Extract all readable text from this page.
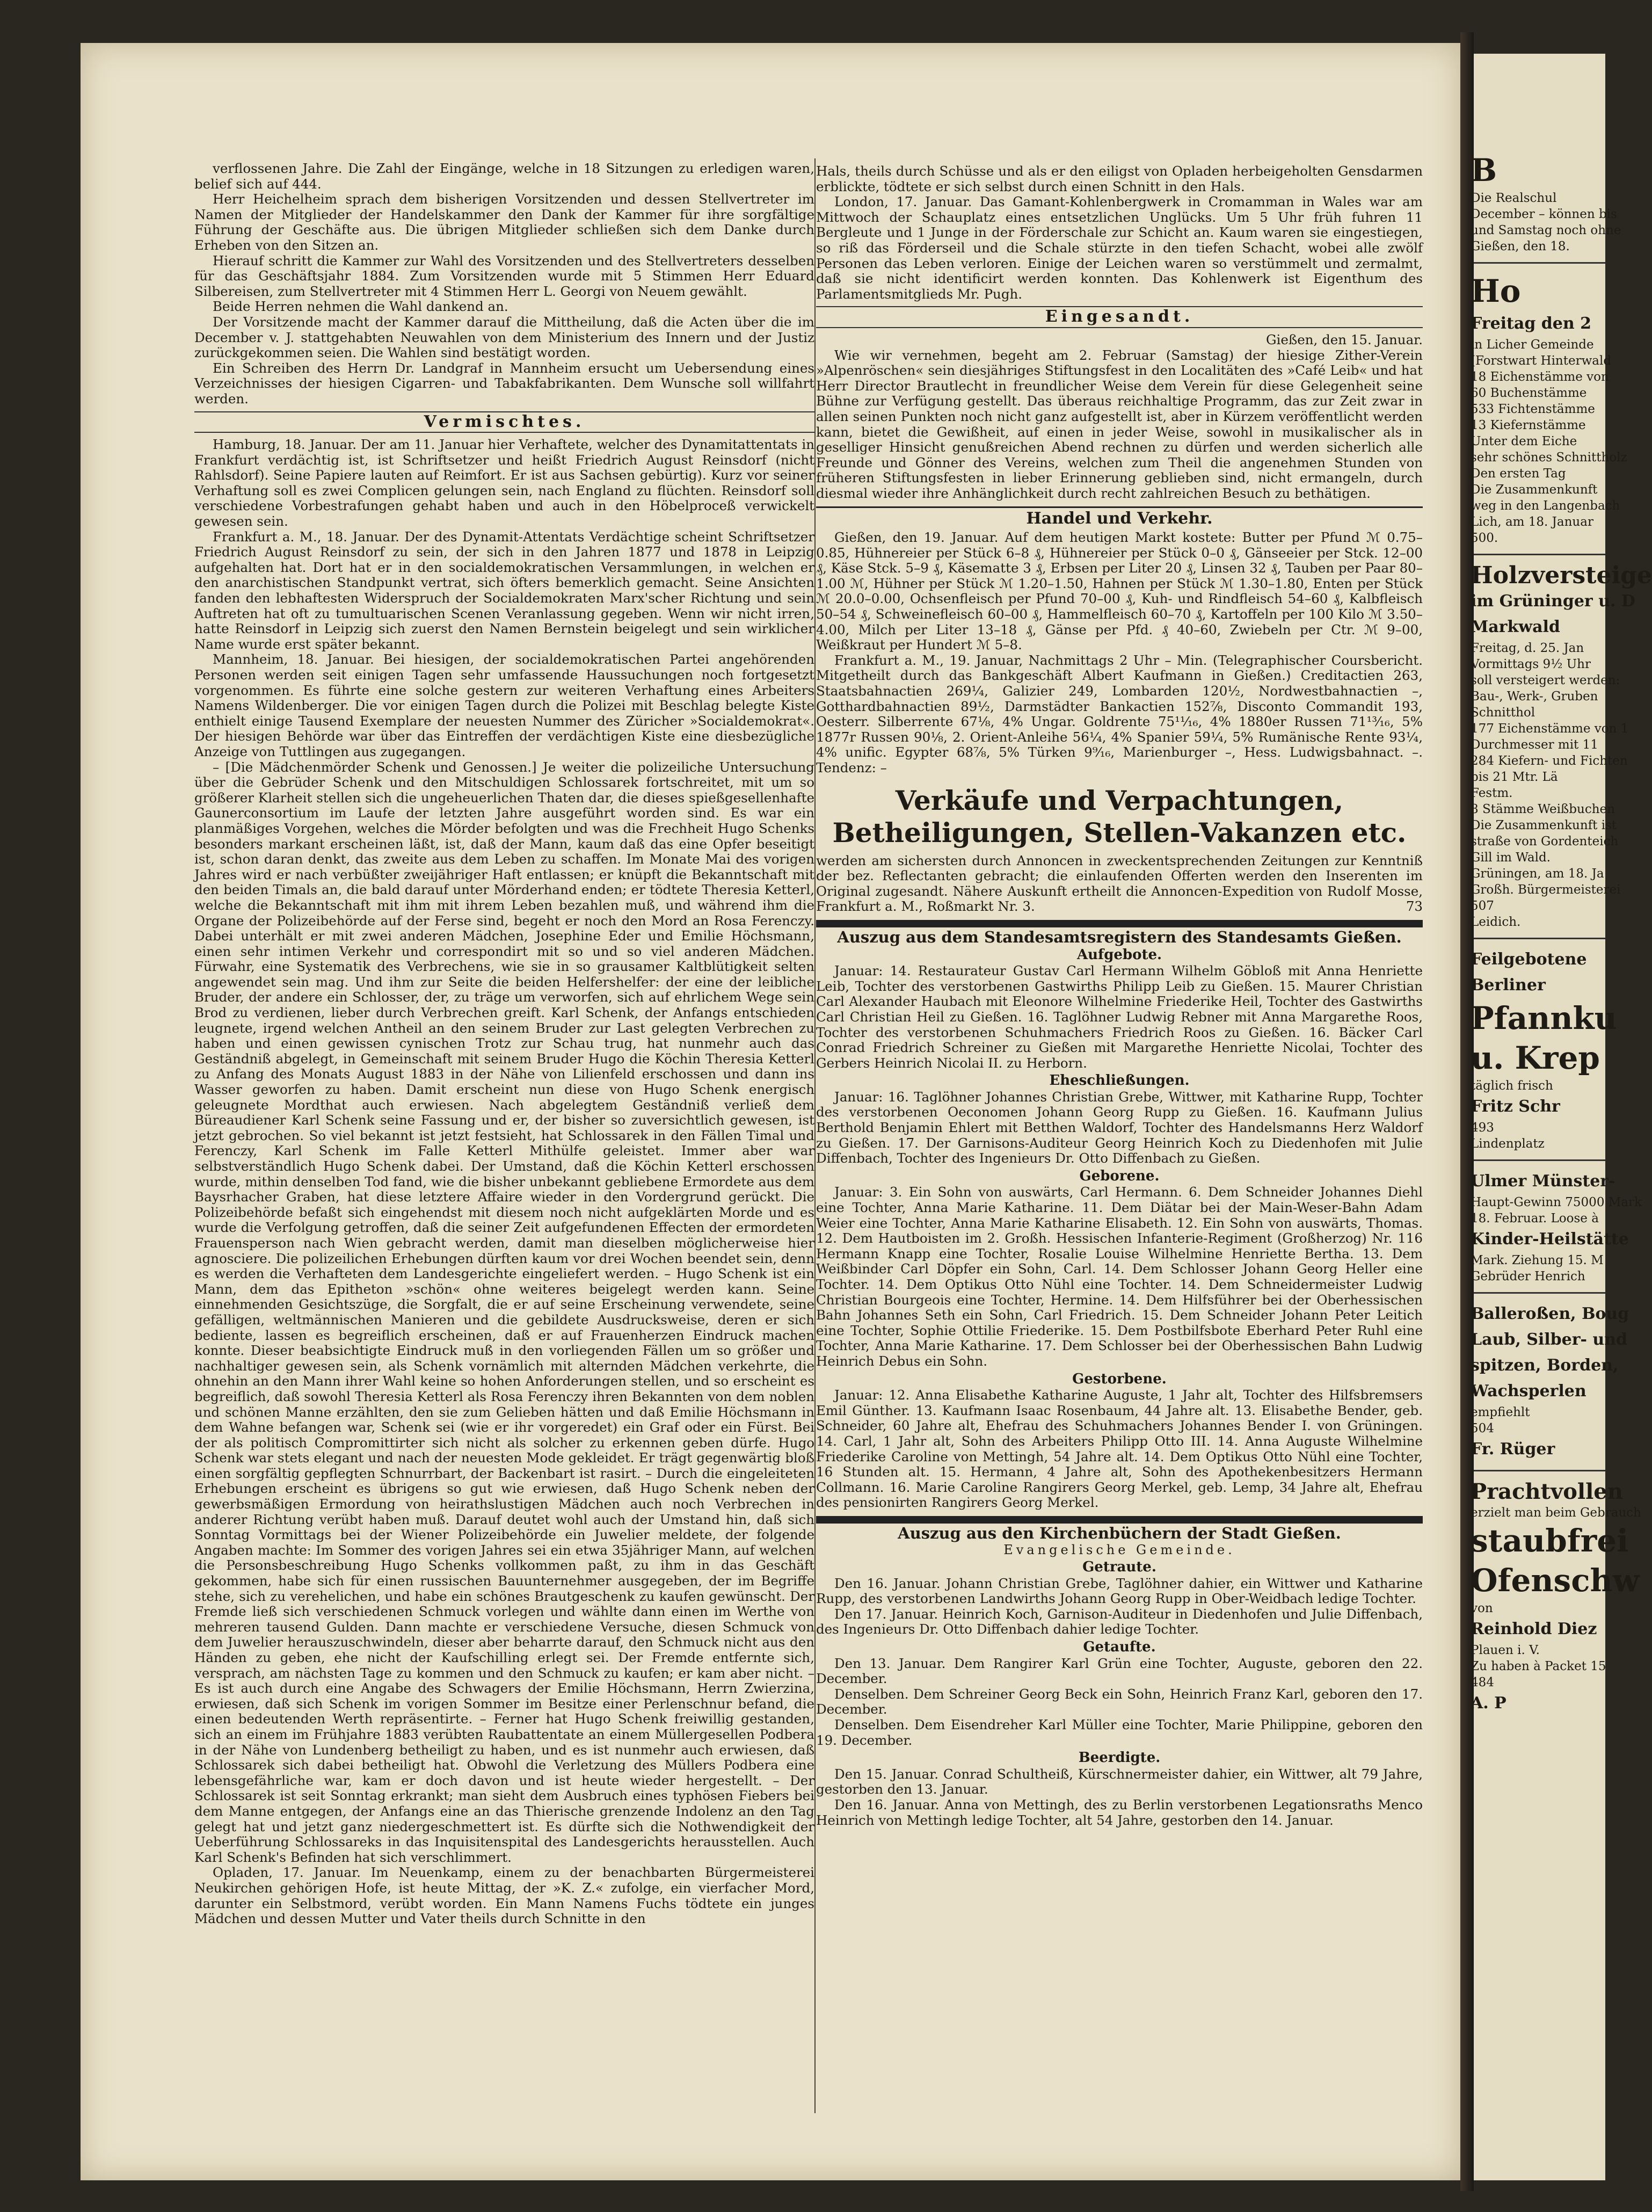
verflossenen Jahre. Die Zahl der Eingänge, welche in 18 Sitzungen zu erledigen waren, belief sich auf 444.

Herr Heichelheim sprach dem bisherigen Vorsitzenden und dessen Stellvertreter im Namen der Mitglieder der Handelskammer den Dank der Kammer für ihre sorgfältige Führung der Geschäfte aus. Die übrigen Mitglieder schließen sich dem Danke durch Erheben von den Sitzen an.

Hierauf schritt die Kammer zur Wahl des Vorsitzenden und des Stellvertreters desselben für das Geschäftsjahr 1884. Zum Vorsitzenden wurde mit 5 Stimmen Herr Eduard Silbereisen, zum Stellvertreter mit 4 Stimmen Herr L. Georgi von Neuem gewählt.

Beide Herren nehmen die Wahl dankend an.

Der Vorsitzende macht der Kammer darauf die Mittheilung, daß die Acten über die im December v. J. stattgehabten Neuwahlen von dem Ministerium des Innern und der Justiz zurückgekommen seien. Die Wahlen sind bestätigt worden.

Ein Schreiben des Herrn Dr. Landgraf in Mannheim ersucht um Uebersendung eines Verzeichnisses der hiesigen Cigarren- und Tabakfabrikanten. Dem Wunsche soll willfahrt werden.

Vermischtes.

Hamburg, 18. Januar. Der am 11. Januar hier Verhaftete, welcher des Dynamitattentats in Frankfurt verdächtig ist, ist Schriftsetzer und heißt Friedrich August Reinsdorf (nicht Rahlsdorf). Seine Papiere lauten auf Reimfort. Er ist aus Sachsen gebürtig). Kurz vor seiner Verhaftung soll es zwei Complicen gelungen sein, nach England zu flüchten. Reinsdorf soll verschiedene Vorbestrafungen gehabt haben und auch in den Höbelproceß verwickelt gewesen sein.

Frankfurt a. M., 18. Januar. Der des Dynamit-Attentats Verdächtige scheint Schriftsetzer Friedrich August Reinsdorf zu sein, der sich in den Jahren 1877 und 1878 in Leipzig aufgehalten hat. Dort hat er in den socialdemokratischen Versammlungen, in welchen er den anarchistischen Standpunkt vertrat, sich öfters bemerklich gemacht. Seine Ansichten fanden den lebhaftesten Widerspruch der Socialdemokraten Marx'scher Richtung und sein Auftreten hat oft zu tumultuarischen Scenen Veranlassung gegeben. Wenn wir nicht irren, hatte Reinsdorf in Leipzig sich zuerst den Namen Bernstein beigelegt und sein wirklicher Name wurde erst später bekannt.

Mannheim, 18. Januar. Bei hiesigen, der socialdemokratischen Partei angehörenden Personen werden seit einigen Tagen sehr umfassende Haussuchungen noch fortgesetzt vorgenommen. Es führte eine solche gestern zur weiteren Verhaftung eines Arbeiters Namens Wildenberger. Die vor einigen Tagen durch die Polizei mit Beschlag belegte Kiste enthielt einige Tausend Exemplare der neuesten Nummer des Züricher »Socialdemokrat«. Der hiesigen Behörde war über das Eintreffen der verdächtigen Kiste eine diesbezügliche Anzeige von Tuttlingen aus zugegangen.

– [Die Mädchenmörder Schenk und Genossen.] Je weiter die polizeiliche Untersuchung über die Gebrüder Schenk und den Mitschuldigen Schlossarek fortschreitet, mit um so größerer Klarheit stellen sich die ungeheuerlichen Thaten dar, die dieses spießgesellenhafte Gaunerconsortium im Laufe der letzten Jahre ausgeführt worden sind. Es war ein planmäßiges Vorgehen, welches die Mörder befolgten und was die Frechheit Hugo Schenks besonders markant erscheinen läßt, ist, daß der Mann, kaum daß das eine Opfer beseitigt ist, schon daran denkt, das zweite aus dem Leben zu schaffen. Im Monate Mai des vorigen Jahres wird er nach verbüßter zweijähriger Haft entlassen; er knüpft die Bekanntschaft mit den beiden Timals an, die bald darauf unter Mörderhand enden; er tödtete Theresia Ketterl, welche die Bekanntschaft mit ihm mit ihrem Leben bezahlen muß, und während ihm die Organe der Polizeibehörde auf der Ferse sind, begeht er noch den Mord an Rosa Ferenczy. Dabei unterhält er mit zwei anderen Mädchen, Josephine Eder und Emilie Höchsmann, einen sehr intimen Verkehr und correspondirt mit so und so viel anderen Mädchen. Fürwahr, eine Systematik des Verbrechens, wie sie in so grausamer Kaltblütigkeit selten angewendet sein mag. Und ihm zur Seite die beiden Helfershelfer: der eine der leibliche Bruder, der andere ein Schlosser, der, zu träge um verworfen, sich auf ehrlichem Wege sein Brod zu verdienen, lieber durch Verbrechen greift. Karl Schenk, der Anfangs entschieden leugnete, irgend welchen Antheil an den seinem Bruder zur Last gelegten Verbrechen zu haben und einen gewissen cynischen Trotz zur Schau trug, hat nunmehr auch das Geständniß abgelegt, in Gemeinschaft mit seinem Bruder Hugo die Köchin Theresia Ketterl zu Anfang des Monats August 1883 in der Nähe von Lilienfeld erschossen und dann ins Wasser geworfen zu haben. Damit erscheint nun diese von Hugo Schenk energisch geleugnete Mordthat auch erwiesen. Nach abgelegtem Geständniß verließ dem Büreaudiener Karl Schenk seine Fassung und er, der bisher so zuversichtlich gewesen, ist jetzt gebrochen. So viel bekannt ist jetzt festsieht, hat Schlossarek in den Fällen Timal und Ferenczy, Karl Schenk im Falle Ketterl Mithülfe geleistet. Immer aber war selbstverständlich Hugo Schenk dabei. Der Umstand, daß die Köchin Ketterl erschossen wurde, mithin denselben Tod fand, wie die bisher unbekannt gebliebene Ermordete aus dem Baysrhacher Graben, hat diese letztere Affaire wieder in den Vordergrund gerückt. Die Polizeibehörde befaßt sich eingehendst mit diesem noch nicht aufgeklärten Morde und es wurde die Verfolgung getroffen, daß die seiner Zeit aufgefundenen Effecten der ermordeten Frauensperson nach Wien gebracht werden, damit man dieselben möglicherweise hier agnosciere. Die polizeilichen Erhebungen dürften kaum vor drei Wochen beendet sein, denn es werden die Verhafteten dem Landesgerichte eingeliefert werden. – Hugo Schenk ist ein Mann, dem das Epitheton »schön« ohne weiteres beigelegt werden kann. Seine einnehmenden Gesichtszüge, die Sorgfalt, die er auf seine Erscheinung verwendete, seine gefälligen, weltmännischen Manieren und die gebildete Ausdrucksweise, deren er sich bediente, lassen es begreiflich erscheinen, daß er auf Frauenherzen Eindruck machen konnte. Dieser beabsichtigte Eindruck muß in den vorliegenden Fällen um so größer und nachhaltiger gewesen sein, als Schenk vornämlich mit alternden Mädchen verkehrte, die ohnehin an den Mann ihrer Wahl keine so hohen Anforderungen stellen, und so erscheint es begreiflich, daß sowohl Theresia Ketterl als Rosa Ferenczy ihren Bekannten von dem noblen und schönen Manne erzählten, den sie zum Gelieben hätten und daß Emilie Höchsmann in dem Wahne befangen war, Schenk sei (wie er ihr vorgeredet) ein Graf oder ein Fürst. Bei der als politisch Compromittirter sich nicht als solcher zu erkennen geben dürfe. Hugo Schenk war stets elegant und nach der neuesten Mode gekleidet. Er trägt gegenwärtig bloß einen sorgfältig gepflegten Schnurrbart, der Backenbart ist rasirt. – Durch die eingeleiteten Erhebungen erscheint es übrigens so gut wie erwiesen, daß Hugo Schenk neben der gewerbsmäßigen Ermordung von heirathslustigen Mädchen auch noch Verbrechen in anderer Richtung verübt haben muß. Darauf deutet wohl auch der Umstand hin, daß sich Sonntag Vormittags bei der Wiener Polizeibehörde ein Juwelier meldete, der folgende Angaben machte: Im Sommer des vorigen Jahres sei ein etwa 35jähriger Mann, auf welchen die Personsbeschreibung Hugo Schenks vollkommen paßt, zu ihm in das Geschäft gekommen, habe sich für einen russischen Bauunternehmer ausgegeben, der im Begriffe stehe, sich zu verehelichen, und habe ein schönes Brautgeschenk zu kaufen gewünscht. Der Fremde ließ sich verschiedenen Schmuck vorlegen und wählte dann einen im Werthe von mehreren tausend Gulden. Dann machte er verschiedene Versuche, diesen Schmuck von dem Juwelier herauszuschwindeln, dieser aber beharrte darauf, den Schmuck nicht aus den Händen zu geben, ehe nicht der Kaufschilling erlegt sei. Der Fremde entfernte sich, versprach, am nächsten Tage zu kommen und den Schmuck zu kaufen; er kam aber nicht. – Es ist auch durch eine Angabe des Schwagers der Emilie Höchsmann, Herrn Zwierzina, erwiesen, daß sich Schenk im vorigen Sommer im Besitze einer Perlenschnur befand, die einen bedeutenden Werth repräsentirte. – Ferner hat Hugo Schenk freiwillig gestanden, sich an einem im Frühjahre 1883 verübten Raubattentate an einem Müllergesellen Podbera in der Nähe von Lundenberg betheiligt zu haben, und es ist nunmehr auch erwiesen, daß Schlossarek sich dabei betheiligt hat. Obwohl die Verletzung des Müllers Podbera eine lebensgefährliche war, kam er doch davon und ist heute wieder hergestellt. – Der Schlossarek ist seit Sonntag erkrankt; man sieht dem Ausbruch eines typhösen Fiebers bei dem Manne entgegen, der Anfangs eine an das Thierische grenzende Indolenz an den Tag gelegt hat und jetzt ganz niedergeschmettert ist. Es dürfte sich die Nothwendigkeit der Ueberführung Schlossareks in das Inquisitenspital des Landesgerichts herausstellen. Auch Karl Schenk's Befinden hat sich verschlimmert.

Opladen, 17. Januar. Im Neuenkamp, einem zu der benachbarten Bürgermeisterei Neukirchen gehörigen Hofe, ist heute Mittag, der »K. Z.« zufolge, ein vierfacher Mord, darunter ein Selbstmord, verübt worden. Ein Mann Namens Fuchs tödtete ein junges Mädchen und dessen Mutter und Vater theils durch Schnitte in den

Hals, theils durch Schüsse und als er den eiligst von Opladen herbeigeholten Gensdarmen erblickte, tödtete er sich selbst durch einen Schnitt in den Hals.

London, 17. Januar. Das Gamant-Kohlenbergwerk in Cromamman in Wales war am Mittwoch der Schauplatz eines entsetzlichen Unglücks. Um 5 Uhr früh fuhren 11 Bergleute und 1 Junge in der Förderschale zur Schicht an. Kaum waren sie eingestiegen, so riß das Förderseil und die Schale stürzte in den tiefen Schacht, wobei alle zwölf Personen das Leben verloren. Einige der Leichen waren so verstümmelt und zermalmt, daß sie nicht identificirt werden konnten. Das Kohlenwerk ist Eigenthum des Parlamentsmitglieds Mr. Pugh.

Eingesandt.
Gießen, den 15. Januar.

Wie wir vernehmen, begeht am 2. Februar (Samstag) der hiesige Zither-Verein »Alpenröschen« sein diesjähriges Stiftungsfest in den Localitäten des »Café Leib« und hat Herr Director Brautlecht in freundlicher Weise dem Verein für diese Gelegenheit seine Bühne zur Verfügung gestellt. Das überaus reichhaltige Programm, das zur Zeit zwar in allen seinen Punkten noch nicht ganz aufgestellt ist, aber in Kürzem veröffentlicht werden kann, bietet die Gewißheit, auf einen in jeder Weise, sowohl in musikalischer als in geselliger Hinsicht genußreichen Abend rechnen zu dürfen und werden sicherlich alle Freunde und Gönner des Vereins, welchen zum Theil die angenehmen Stunden von früheren Stiftungsfesten in lieber Erinnerung geblieben sind, nicht ermangeln, durch diesmal wieder ihre Anhänglichkeit durch recht zahlreichen Besuch zu bethätigen.

Handel und Verkehr.

Gießen, den 19. Januar. Auf dem heutigen Markt kostete: Butter per Pfund ℳ 0.75–0.85, Hühnereier per Stück 6–8 ₰, Hühnereier per Stück 0–0 ₰, Gänseeier per Stck. 12–00 ₰, Käse Stck. 5–9 ₰, Käsematte 3 ₰, Erbsen per Liter 20 ₰, Linsen 32 ₰, Tauben per Paar 80–1.00 ℳ, Hühner per Stück ℳ 1.20–1.50, Hahnen per Stück ℳ 1.30–1.80, Enten per Stück ℳ 20.0–0.00, Ochsenfleisch per Pfund 70–00 ₰, Kuh- und Rindfleisch 54–60 ₰, Kalbfleisch 50–54 ₰, Schweinefleisch 60–00 ₰, Hammelfleisch 60–70 ₰, Kartoffeln per 100 Kilo ℳ 3.50–4.00, Milch per Liter 13–18 ₰, Gänse per Pfd. ₰ 40–60, Zwiebeln per Ctr. ℳ 9–00, Weißkraut per Hundert ℳ 5–8.

Frankfurt a. M., 19. Januar, Nachmittags 2 Uhr – Min. (Telegraphischer Coursbericht. Mitgetheilt durch das Bankgeschäft Albert Kaufmann in Gießen.) Creditactien 263, Staatsbahnactien 269¼, Galizier 249, Lombarden 120½, Nordwestbahnactien –, Gotthardbahnactien 89½, Darmstädter Bankactien 152⅞, Disconto Commandit 193, Oesterr. Silberrente 67⅛, 4% Ungar. Goldrente 75¹¹⁄₁₆, 4% 1880er Russen 71¹³⁄₁₆, 5% 1877r Russen 90⅛, 2. Orient-Anleihe 56¼, 4% Spanier 59¼, 5% Rumänische Rente 93¼, 4% unific. Egypter 68⅞, 5% Türken 9⁹⁄₁₆, Marienburger –, Hess. Ludwigsbahnact. –. Tendenz: –

Verkäufe und Verpachtungen,
Betheiligungen, Stellen-Vakanzen etc.

werden am sichersten durch Annoncen in zweckentsprechenden Zeitungen zur Kenntniß der bez. Reflectanten gebracht; die einlaufenden Offerten werden den Inserenten im Original zugesandt. Nähere Auskunft ertheilt die Annoncen-Expedition von Rudolf Mosse, Frankfurt a. M., Roßmarkt Nr. 3.	73

Auszug aus dem Standesamtsregistern des Standesamts Gießen.
Aufgebote.

Januar: 14. Restaurateur Gustav Carl Hermann Wilhelm Göbloß mit Anna Henriette Leib, Tochter des verstorbenen Gastwirths Philipp Leib zu Gießen. 15. Maurer Christian Carl Alexander Haubach mit Eleonore Wilhelmine Friederike Heil, Tochter des Gastwirths Carl Christian Heil zu Gießen. 16. Taglöhner Ludwig Rebner mit Anna Margarethe Roos, Tochter des verstorbenen Schuhmachers Friedrich Roos zu Gießen. 16. Bäcker Carl Conrad Friedrich Schreiner zu Gießen mit Margarethe Henriette Nicolai, Tochter des Gerbers Heinrich Nicolai II. zu Herborn.

Eheschließungen.

Januar: 16. Taglöhner Johannes Christian Grebe, Wittwer, mit Katharine Rupp, Tochter des verstorbenen Oeconomen Johann Georg Rupp zu Gießen. 16. Kaufmann Julius Berthold Benjamin Ehlert mit Betthen Waldorf, Tochter des Handelsmanns Herz Waldorf zu Gießen. 17. Der Garnisons-Auditeur Georg Heinrich Koch zu Diedenhofen mit Julie Diffenbach, Tochter des Ingenieurs Dr. Otto Diffenbach zu Gießen.

Geborene.

Januar: 3. Ein Sohn von auswärts, Carl Hermann. 6. Dem Schneider Johannes Diehl eine Tochter, Anna Marie Katharine. 11. Dem Diätar bei der Main-Weser-Bahn Adam Weier eine Tochter, Anna Marie Katharine Elisabeth. 12. Ein Sohn von auswärts, Thomas. 12. Dem Hautboisten im 2. Großh. Hessischen Infanterie-Regiment (Großherzog) Nr. 116 Hermann Knapp eine Tochter, Rosalie Louise Wilhelmine Henriette Bertha. 13. Dem Weißbinder Carl Döpfer ein Sohn, Carl. 14. Dem Schlosser Johann Georg Heller eine Tochter. 14. Dem Optikus Otto Nühl eine Tochter. 14. Dem Schneidermeister Ludwig Christian Bourgeois eine Tochter, Hermine. 14. Dem Hilfsführer bei der Oberhessischen Bahn Johannes Seth ein Sohn, Carl Friedrich. 15. Dem Schneider Johann Peter Leitich eine Tochter, Sophie Ottilie Friederike. 15. Dem Postbilfsbote Eberhard Peter Ruhl eine Tochter, Anna Marie Katharine. 17. Dem Schlosser bei der Oberhessischen Bahn Ludwig Heinrich Debus ein Sohn.

Gestorbene.

Januar: 12. Anna Elisabethe Katharine Auguste, 1 Jahr alt, Tochter des Hilfsbremsers Emil Günther. 13. Kaufmann Isaac Rosenbaum, 44 Jahre alt. 13. Elisabethe Bender, geb. Schneider, 60 Jahre alt, Ehefrau des Schuhmachers Johannes Bender I. von Grüningen. 14. Carl, 1 Jahr alt, Sohn des Arbeiters Philipp Otto III. 14. Anna Auguste Wilhelmine Friederike Caroline von Mettingh, 54 Jahre alt. 14. Dem Optikus Otto Nühl eine Tochter, 16 Stunden alt. 15. Hermann, 4 Jahre alt, Sohn des Apothekenbesitzers Hermann Collmann. 16. Marie Caroline Rangirers Georg Merkel, geb. Lemp, 34 Jahre alt, Ehefrau des pensionirten Rangirers Georg Merkel.

Auszug aus den Kirchenbüchern der Stadt Gießen.
Evangelische Gemeinde.
Getraute.

Den 16. Januar. Johann Christian Grebe, Taglöhner dahier, ein Wittwer und Katharine Rupp, des verstorbenen Landwirths Johann Georg Rupp in Ober-Weidbach ledige Tochter.

Den 17. Januar. Heinrich Koch, Garnison-Auditeur in Diedenhofen und Julie Diffenbach, des Ingenieurs Dr. Otto Diffenbach dahier ledige Tochter.

Getaufte.

Den 13. Januar. Dem Rangirer Karl Grün eine Tochter, Auguste, geboren den 22. December.

Denselben. Dem Schreiner Georg Beck ein Sohn, Heinrich Franz Karl, geboren den 17. December.

Denselben. Dem Eisendreher Karl Müller eine Tochter, Marie Philippine, geboren den 19. December.

Beerdigte.

Den 15. Januar. Conrad Schultheiß, Kürschnermeister dahier, ein Wittwer, alt 79 Jahre, gestorben den 13. Januar.

Den 16. Januar. Anna von Mettingh, des zu Berlin verstorbenen Legationsraths Menco Heinrich von Mettingh ledige Tochter, alt 54 Jahre, gestorben den 14. Januar.

B
Die Realschul
December – können bis
und Samstag noch ohne
Gießen, den 18.
Ho
Freitag den 2
in Licher Gemeinde
(Forstwart Hinterwald
18 Eichenstämme von
60 Buchenstämme
533 Fichtenstämme
13 Kiefernstämme
Unter dem Eiche
sehr schönes Schnittholz
Den ersten Tag
Die Zusammenkunft
weg in den Langenbach
Lich, am 18. Januar
500.
Holzversteige
im Grüninger u. D
Markwald
Freitag, d. 25. Jan
Vormittags 9½ Uhr
soll versteigert werden:
Bau-, Werk-, Gruben
Schnitthol
177 Eichenstämme von 1
Durchmesser mit 11
284 Kiefern- und Fichten
bis 21 Mtr. Lä
Festm.
8 Stämme Weißbuchen
Die Zusammenkunft ist
straße von Gordenteich
Gill im Wald.
Grüningen, am 18. Ja
Großh. Bürgermeisterei
507
Leidich.
Feilgebotene
Berliner
Pfannku
u. Krep
täglich frisch
Fritz Schr
493
Lindenplatz
Ulmer Münster-
Haupt-Gewinn 75000 Mark
18. Februar. Loose à
Kinder-Heilstätte
Mark. Ziehung 15. M
Gebrüder Henrich
Balleroßen, Boug
Laub, Silber- und
spitzen, Borden,
Wachsperlen
empfiehlt
504
Fr. Rüger
Prachtvollen
erzielt man beim Gebrauch
staubfrei
Ofenschw
von
Reinhold Diez
Plauen i. V.
Zu haben à Packet 15
484
A. P
